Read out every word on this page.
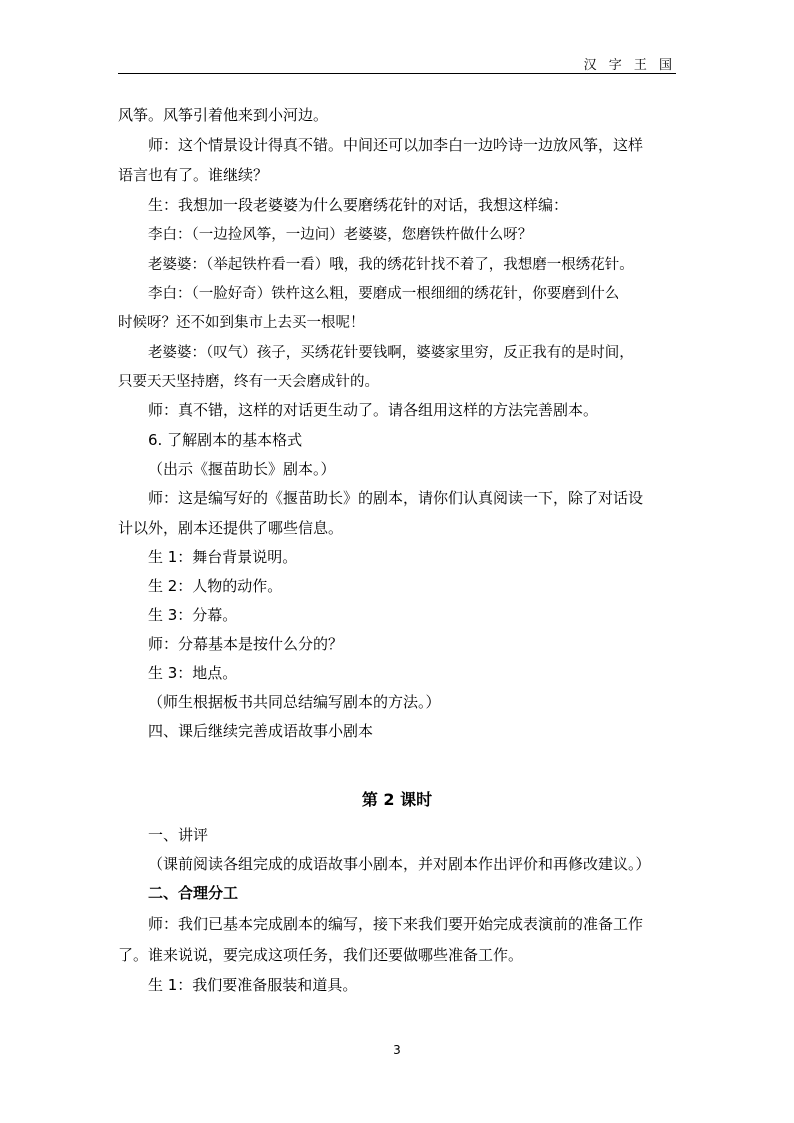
汉 字 王 国
风筝。风筝引着他来到小河边。
师：这个情景设计得真不错。中间还可以加李白一边吟诗一边放风筝，这样
语言也有了。谁继续？
生：我想加一段老婆婆为什么要磨绣花针的对话，我想这样编：
李白：（一边捡风筝，一边问）老婆婆，您磨铁杵做什么呀？
老婆婆：（举起铁杵看一看）哦，我的绣花针找不着了，我想磨一根绣花针。
李白：（一脸好奇）铁杵这么粗，要磨成一根细细的绣花针，你要磨到什么
时候呀？还不如到集市上去买一根呢！
老婆婆：（叹气）孩子，买绣花针要钱啊，婆婆家里穷，反正我有的是时间，
只要天天坚持磨，终有一天会磨成针的。
师：真不错，这样的对话更生动了。请各组用这样的方法完善剧本。
6. 了解剧本的基本格式
（出示《揠苗助长》剧本。）
师：这是编写好的《揠苗助长》的剧本，请你们认真阅读一下，除了对话设
计以外，剧本还提供了哪些信息。
生 1：舞台背景说明。
生 2：人物的动作。
生 3：分幕。
师：分幕基本是按什么分的？
生 3：地点。
（师生根据板书共同总结编写剧本的方法。）
四、课后继续完善成语故事小剧本
第 2 课时
一、讲评
（课前阅读各组完成的成语故事小剧本，并对剧本作出评价和再修改建议。）
二、合理分工
师：我们已基本完成剧本的编写，接下来我们要开始完成表演前的准备工作
了。谁来说说，要完成这项任务，我们还要做哪些准备工作。
生 1：我们要准备服装和道具。
3
